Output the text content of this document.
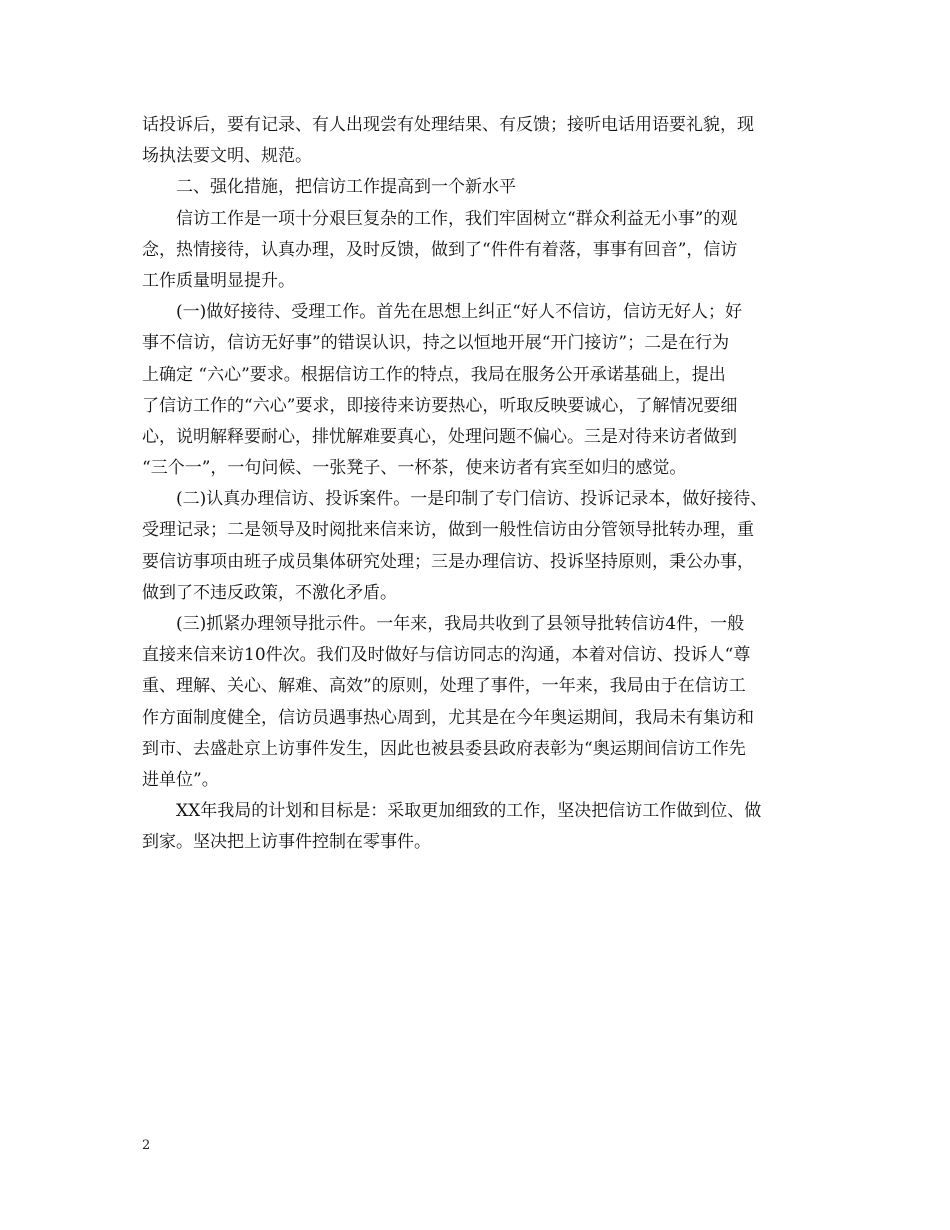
话投诉后，要有记录、有人出现尝有处理结果、有反馈；接听电话用语要礼貌，现
场执法要文明、规范。
二、强化措施，把信访工作提高到一个新水平
信访工作是一项十分艰巨复杂的工作，我们牢固树立“群众利益无小事”的观
念，热情接待，认真办理，及时反馈，做到了“件件有着落，事事有回音”，信访
工作质量明显提升。
(一)做好接待、受理工作。首先在思想上纠正“好人不信访，信访无好人；好
事不信访，信访无好事”的错误认识，持之以恒地开展“开门接访”；二是在行为
上确定 “六心”要求。根据信访工作的特点，我局在服务公开承诺基础上，提出
了信访工作的“六心”要求，即接待来访要热心，听取反映要诚心，了解情况要细
心，说明解释要耐心，排忧解难要真心，处理问题不偏心。三是对待来访者做到
“三个一”，一句问候、一张凳子、一杯茶，使来访者有宾至如归的感觉。
(二)认真办理信访、投诉案件。一是印制了专门信访、投诉记录本，做好接待、
受理记录；二是领导及时阅批来信来访，做到一般性信访由分管领导批转办理，重
要信访事项由班子成员集体研究处理；三是办理信访、投诉坚持原则，秉公办事，
做到了不违反政策，不激化矛盾。
(三)抓紧办理领导批示件。一年来，我局共收到了县领导批转信访4件，一般
直接来信来访10件次。我们及时做好与信访同志的沟通，本着对信访、投诉人“尊
重、理解、关心、解难、高效”的原则，处理了事件，一年来，我局由于在信访工
作方面制度健全，信访员遇事热心周到，尤其是在今年奥运期间，我局未有集访和
到市、去盛赴京上访事件发生，因此也被县委县政府表彰为“奥运期间信访工作先
进单位”。
XX年我局的计划和目标是：采取更加细致的工作，坚决把信访工作做到位、做
到家。坚决把上访事件控制在零事件。
2
